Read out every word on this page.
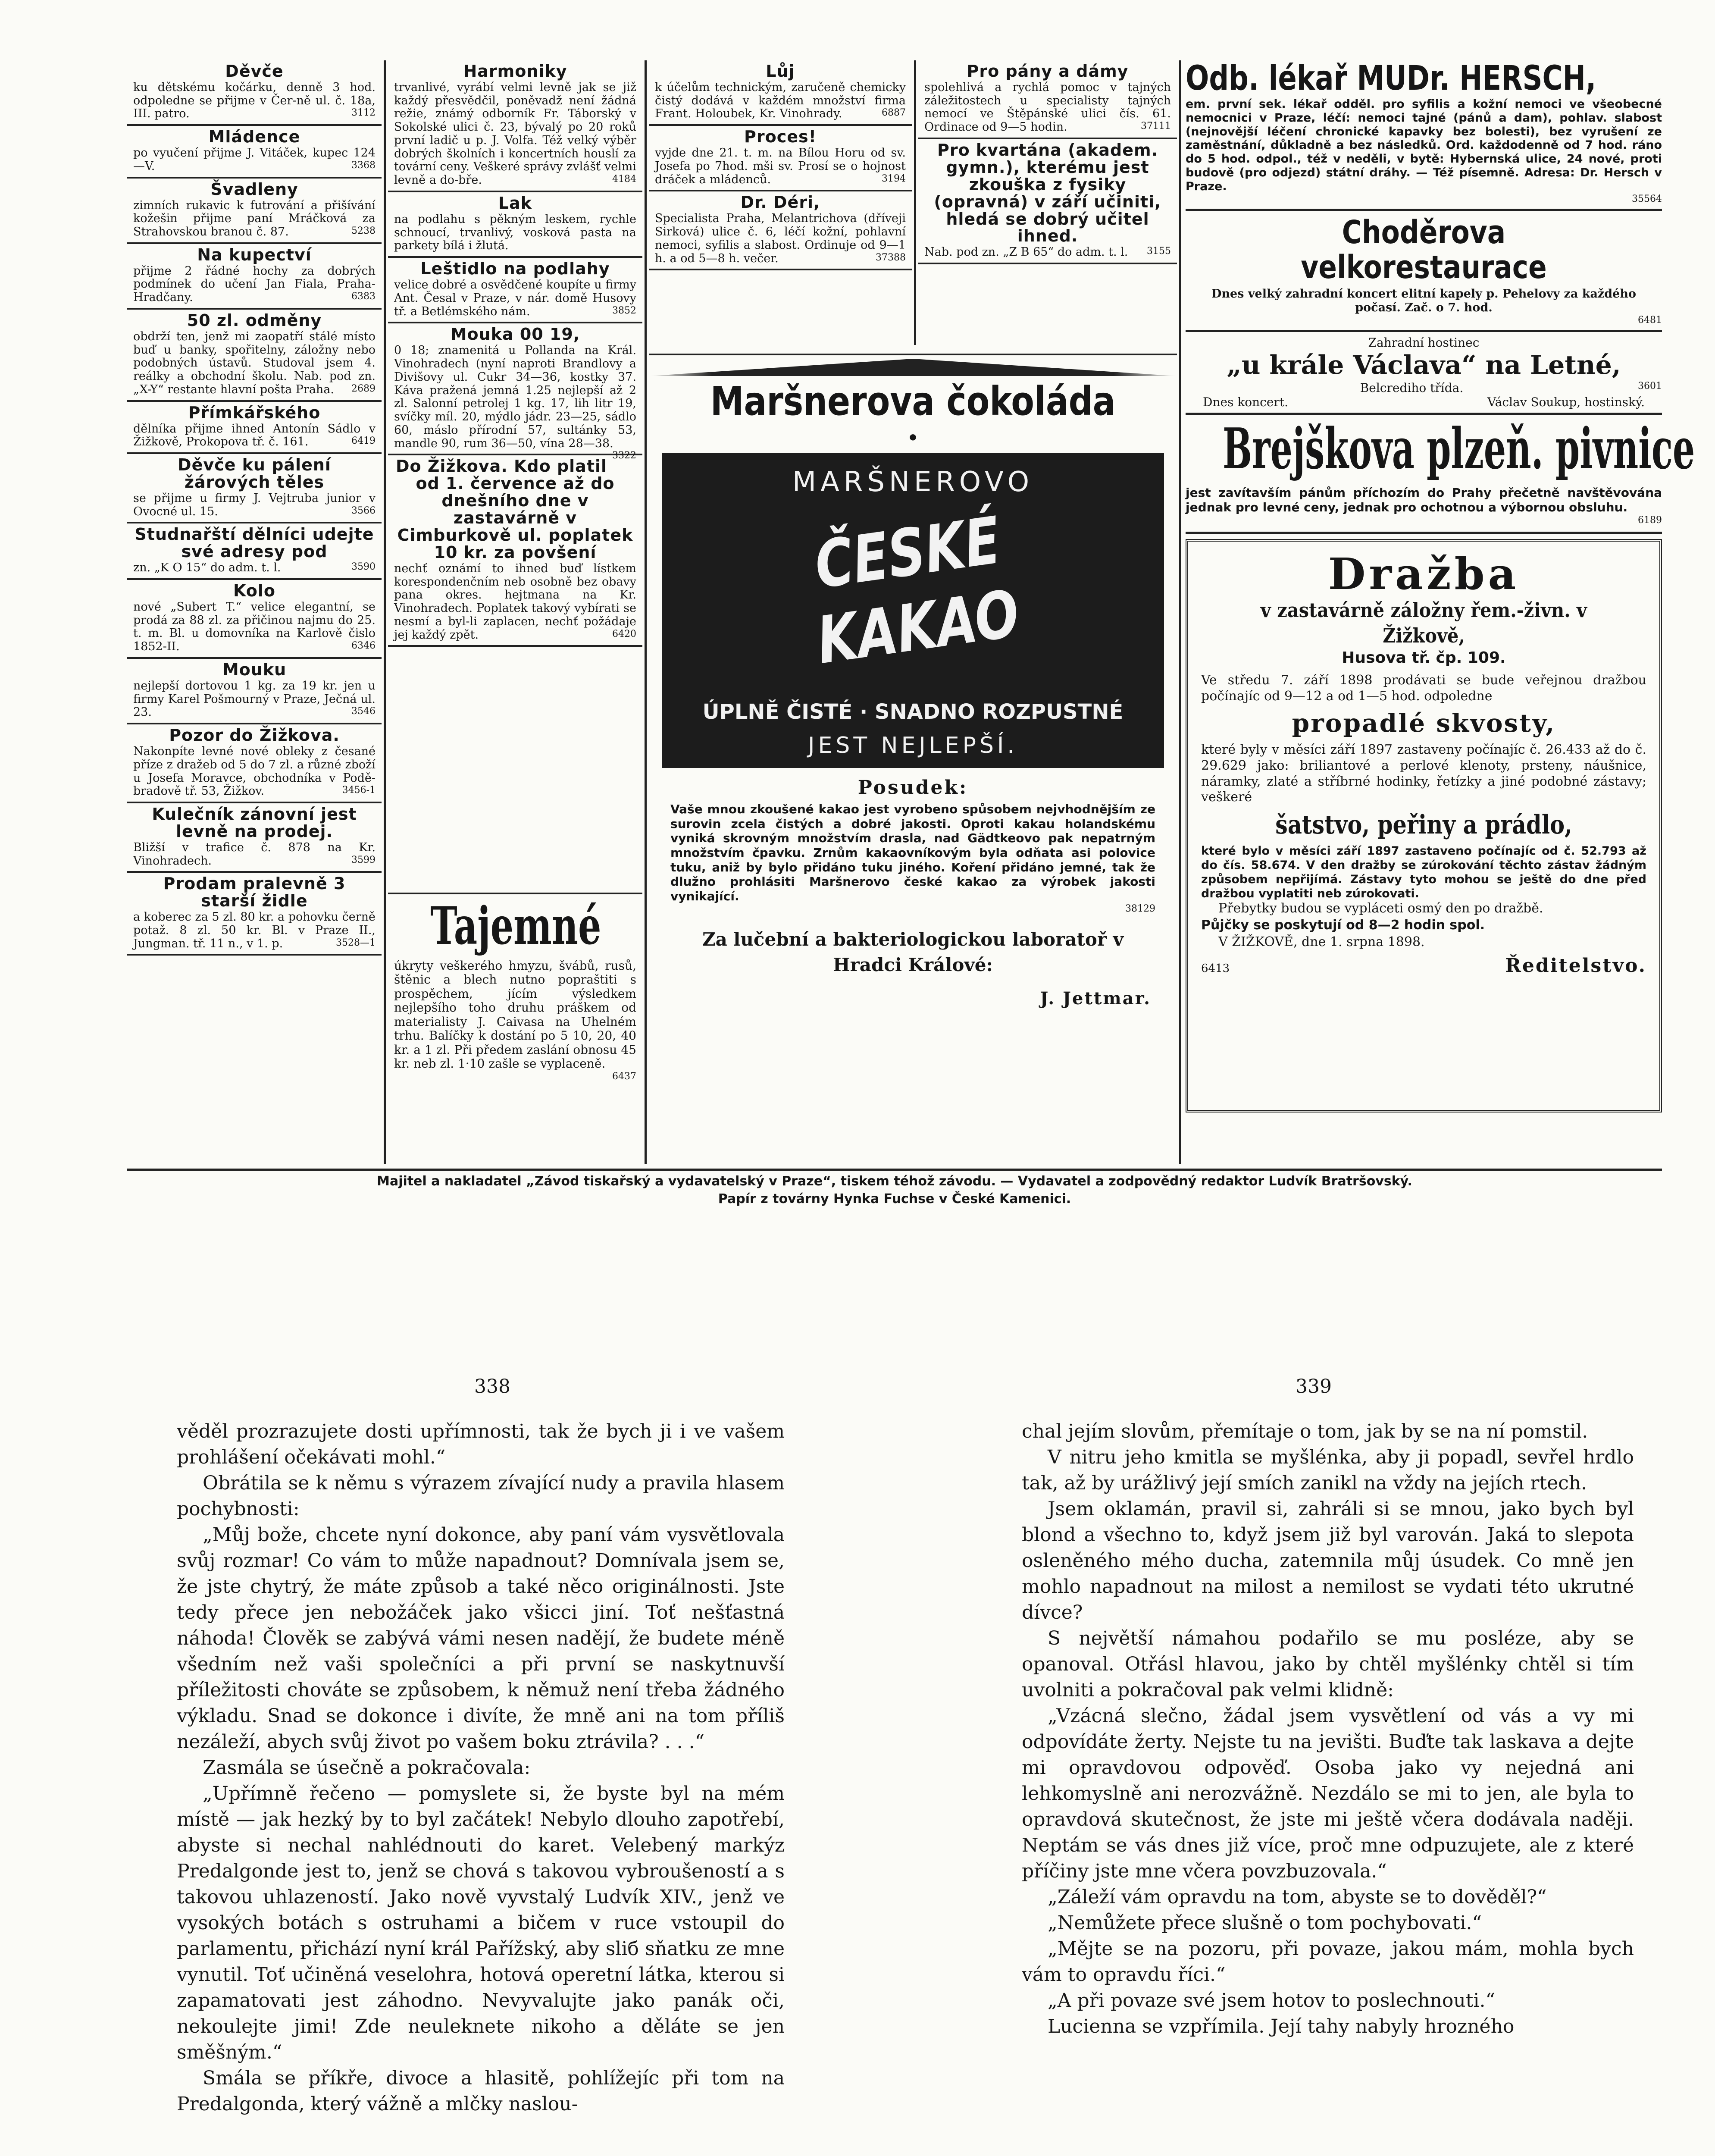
Děvče

ku dětskému kočárku, denně 3 hod. odpoledne se přijme v Čer-ně ul. č. 18a, III. patro.	3112

Mládence

po vyučení přijme J. Vitáček, kupec 124—V.	3368

Švadleny

zimních rukavic k futrování a přišívání kožešin přijme paní Mráčková za Strahovskou branou č. 87.	5238

Na kupectví

přijme 2 řádné hochy za dobrých podmínek do učení Jan Fiala, Praha-Hradčany.	6383

50 zl. odměny

obdrží ten, jenž mi zaopatří stálé místo buď u banky, spořitelny, záložny nebo podobných ústavů. Studoval jsem 4. reálky a obchodní školu. Nab. pod zn. „X-Y“ restante hlavní pošta Praha. 2689

Přímkářského

dělníka přijme ihned Antonín Sádlo v Žižkově, Prokopova tř. č. 161.	6419

Děvče ku pálení žárových těles

se přijme u firmy J. Vejtruba junior v Ovocné ul. 15.	3566

Studnařští dělníci udejte své adresy pod

zn. „K O 15“ do adm. t. l.	3590

Kolo

nové „Subert T.“ velice elegantní, se prodá za 88 zl. za přičinou najmu do 25. t. m. Bl. u domovníka na Karlově čislo 1852-II.	6346

Mouku

nejlepší dortovou 1 kg. za 19 kr. jen u firmy Karel Pošmourný v Praze, Ječná ul. 23.	3546

Pozor do Žižkova.

Nakonpíte levné nové obleky z česané příze z dražeb od 5 do 7 zl. a různé zboží u Josefa Moravce, obchodníka v Podě-bradově tř. 53, Žižkov.	3456-1

Kulečník zánovní jest levně na prodej.

Bližší v trafice č. 878 na Kr. Vinohradech.	3599

Prodam pralevně 3 starší židle

a koberec za 5 zl. 80 kr. a pohovku černě potaž. 8 zl. 50 kr. Bl. v Praze II., Jungman. tř. 11 n., v 1. p.	3528—1

Harmoniky

trvanlivé, vyrábí velmi levně jak se již každý přesvědčil, poněvadž není žádná režie, známý odborník Fr. Táborský v Sokolské ulici č. 23, bývalý po 20 roků první ladič u p. J. Volfa. Též velký výběr dobrých školních i koncertních houslí za tovární ceny. Veškeré správy zvlášť velmi levně a do-bře.	4184

Lak

na podlahu s pěkným leskem, rychle schnoucí, trvanlivý, vosková pasta na parkety bílá i žlutá.

Leštidlo na podlahy

velice dobré a osvědčené koupíte u firmy Ant. Česal v Praze, v nár. domě Husovy tř. a Betlémského nám.	3852

Mouka 00 19,

0 18; znamenitá u Pollanda na Král. Vinohradech (nyní naproti Brandlovy a Divišovy ul. Cukr 34—36, kostky 37. Káva pražená jemná 1.25 nejlepší až 2 zl. Salonní petrolej 1 kg. 17, lih litr 19, svíčky míl. 20, mýdlo jádr. 23—25, sádlo 60, máslo přírodní 57, sultánky 53, mandle 90, rum 36—50, vína 28—38.
3322

Do Žižkova. Kdo platil od 1. července až do dnešního dne v zastavárně v Cimburkově ul. poplatek 10 kr. za povšení

nechť oznámí to ihned buď lístkem korespondenčním neb osobně bez obavy pana okres. hejtmana na Kr. Vinohradech. Poplatek takový vybírati se nesmí a byl-li zaplacen, nechť požádaje jej každý zpět.	6420

Tajemné

úkryty veškerého hmyzu, švábů, rusů, štěnic a blech nutno popraštiti s prospěchem, jícím výsledkem nejlepšího toho druhu práškem od materialisty J. Caivasa na Uhelném trhu. Balíčky k dostání po 5 10, 20, 40 kr. a 1 zl. Při předem zaslání obnosu 45 kr. neb zl. 1·10 zašle se vyplaceně.

6437
Lůj

k účelům technickým, zaručeně chemicky čistý dodává v každém množství firma Frant. Holoubek, Kr. Vinohrady.	6887

Proces!

vyjde dne 21. t. m. na Bílou Horu od sv. Josefa po 7hod. mši sv. Prosí se o hojnost dráček a mládenců.	3194

Dr. Déri,

Specialista Praha, Melantrichova (dříveji Sirková) ulice č. 6, léčí kožní, pohlavní nemoci, syfilis a slabost. Ordinuje od 9—1 h. a od 5—8 h. večer.	37388

Pro pány a dámy

spolehlivá a rychlá pomoc v tajných záležitostech u specialisty tajných nemocí ve Štěpánské ulici čís. 61. Ordinace od 9—5 hodin.	37111

Pro kvartána (akadem. gymn.), kterému jest zkouška z fysiky (opravná) v září učiniti, hledá se dobrý učitel ihned.

Nab. pod zn. „Z B 65“ do adm. t. l. 3155

Maršnerova čokoláda
•
MARŠNEROVO
ČESKÉ KAKAO
ÚPLNĚ ČISTÉ · SNADNO ROZPUSTNÉ
JEST NEJLEPŠÍ.
Posudek:

Vaše mnou zkoušené kakao jest vyrobeno spůsobem nejvhodnějším ze surovin zcela čistých a dobré jakosti. Oproti kakau holandskému vyniká skrovným množstvím drasla, nad Gädtkeovo pak nepatrným množstvím čpavku. Zrnům kakaovníkovým byla odňata asi polovice tuku, aniž by bylo přidáno tuku jiného. Koření přidáno jemné, tak že dlužno prohlásiti Maršnerovo české kakao za výrobek jakosti vynikající.

38129
Za lučební a bakteriologickou laboratoř v Hradci Králové:
J. Jettmar.
Odb. lékař MUDr. HERSCH,

em. první sek. lékař odděl. pro syfilis a kožní nemoci ve všeobecné nemocnici v Praze, léčí: nemoci tajné (pánů a dam), pohlav. slabost (nejnovější léčení chronické kapavky bez bolesti), bez vyrušení ze zaměstnání, důkladně a bez následků. Ord. každodenně od 7 hod. ráno do 5 hod. odpol., též v neděli, v bytě: Hybernská ulice, 24 nové, proti budově (pro odjezd) státní dráhy. — Též písemně. Adresa: Dr. Hersch v Praze.

35564
Choděrova velkorestaurace

Dnes velký zahradní koncert elitní kapely p. Pehelovy za každého počasí. Zač. o 7. hod.

6481
Zahradní hostinec
„u krále Václava“ na Letné,
Belcrediho třída.	3601
Dnes koncert.	Václav Soukup, hostinský.
Brejškova plzeň. pivnice

jest zavítavším pánům příchozím do Prahy přečetně navštěvována jednak pro levné ceny, jednak pro ochotnou a výbornou obsluhu.

6189
Dražba
v zastavárně záložny řem.-živn. v Žižkově,
Husova tř. čp. 109.

Ve středu 7. září 1898 prodávati se bude veřejnou dražbou počínajíc od 9—12 a od 1—5 hod. odpoledne

propadlé skvosty,

které byly v měsíci září 1897 zastaveny počínajíc č. 26.433 až do č. 29.629 jako: briliantové a perlové klenoty, prsteny, náušnice, náramky, zlaté a stříbrné hodinky, řetízky a jiné podobné zástavy; veškeré

šatstvo, peřiny a prádlo,

které bylo v měsíci září 1897 zastaveno počínajíc od č. 52.793 až do čís. 58.674. V den dražby se zúrokování těchto zástav žádným způsobem nepřijímá. Zástavy tyto mohou se ještě do dne před dražbou vyplatiti neb zúrokovati.

Přebytky budou se vypláceti osmý den po dražbě.

Půjčky se poskytují od 8—2 hodin spol.

V ŽIŽKOVĚ, dne 1. srpna 1898.

6413	Ředitelstvo.
Majitel a nakladatel „Závod tiskařský a vydavatelský v Praze“, tiskem téhož závodu. — Vydavatel a zodpovědný redaktor Ludvík Bratršovský.
Papír z továrny Hynka Fuchse v České Kamenici.
338	339

věděl prozrazujete dosti upřímnosti, tak že bych ji i ve vašem prohlášení očekávati mohl.“

Obrátila se k němu s výrazem zívající nudy a pravila hlasem pochybnosti:

„Můj bože, chcete nyní dokonce, aby paní vám vysvětlovala svůj rozmar! Co vám to může napadnout? Domnívala jsem se, že jste chytrý, že máte způsob a také něco originálnosti. Jste tedy přece jen nebožáček jako všicci jiní. Toť nešťastná náhoda! Člověk se zabývá vámi nesen nadějí, že budete méně všedním než vaši společníci a při první se naskytnuvší příležitosti chováte se způsobem, k němuž není třeba žádného výkladu. Snad se dokonce i divíte, že mně ani na tom příliš nezáleží, abych svůj život po vašem boku ztrávila? . . .“

Zasmála se úsečně a pokračovala:

„Upřímně řečeno — pomyslete si, že byste byl na mém místě — jak hezký by to byl začátek! Nebylo dlouho zapotřebí, abyste si nechal nahlédnouti do karet. Velebený markýz Predalgonde jest to, jenž se chová s takovou vybroušeností a s takovou uhlazeností. Jako nově vyvstalý Ludvík XIV., jenž ve vysokých botách s ostruhami a bičem v ruce vstoupil do parlamentu, přichází nyní král Pařížský, aby sliб sňatku ze mne vynutil. Toť učiněná veselohra, hotová operetní látka, kterou si zapamatovati jest záhodno. Nevyvalujte jako panák oči, nekoulejte jimi! Zde neuleknete nikoho a děláte se jen směšným.“

Smála se příkře, divoce a hlasitě, pohlížejíc při tom na Predalgonda, který vážně a mlčky naslou-

chal jejím slovům, přemítaje o tom, jak by se na ní pomstil.

V nitru jeho kmitla se myšlénka, aby ji popadl, sevřel hrdlo tak, až by urážlivý její smích zanikl na vždy na jejích rtech.

Jsem oklamán, pravil si, zahráli si se mnou, jako bych byl blond a všechno to, když jsem již byl varován. Jaká to slepota osleněného mého ducha, zatemnila můj úsudek. Co mně jen mohlo napadnout na milost a nemilost se vydati této ukrutné dívce?

S největší námahou podařilo se mu posléze, aby se opanoval. Otřásl hlavou, jako by chtěl myšlénky chtěl si tím uvolniti a pokračoval pak velmi klidně:

„Vzácná slečno, žádal jsem vysvětlení od vás a vy mi odpovídáte žerty. Nejste tu na jevišti. Buďte tak laskava a dejte mi opravdovou odpověď. Osoba jako vy nejedná ani lehkomyslně ani nerozvážně. Nezdálo se mi to jen, ale byla to opravdová skutečnost, že jste mi ještě včera dodávala naději. Neptám se vás dnes již více, proč mne odpuzujete, ale z které příčiny jste mne včera povzbuzovala.“

„Záleží vám opravdu na tom, abyste se to dověděl?“

„Nemůžete přece slušně o tom pochybovati.“

„Mějte se na pozoru, při povaze, jakou mám, mohla bych vám to opravdu říci.“

„A při povaze své jsem hotov to poslechnouti.“

Lucienna se vzpřímila. Její tahy nabyly hrozného
